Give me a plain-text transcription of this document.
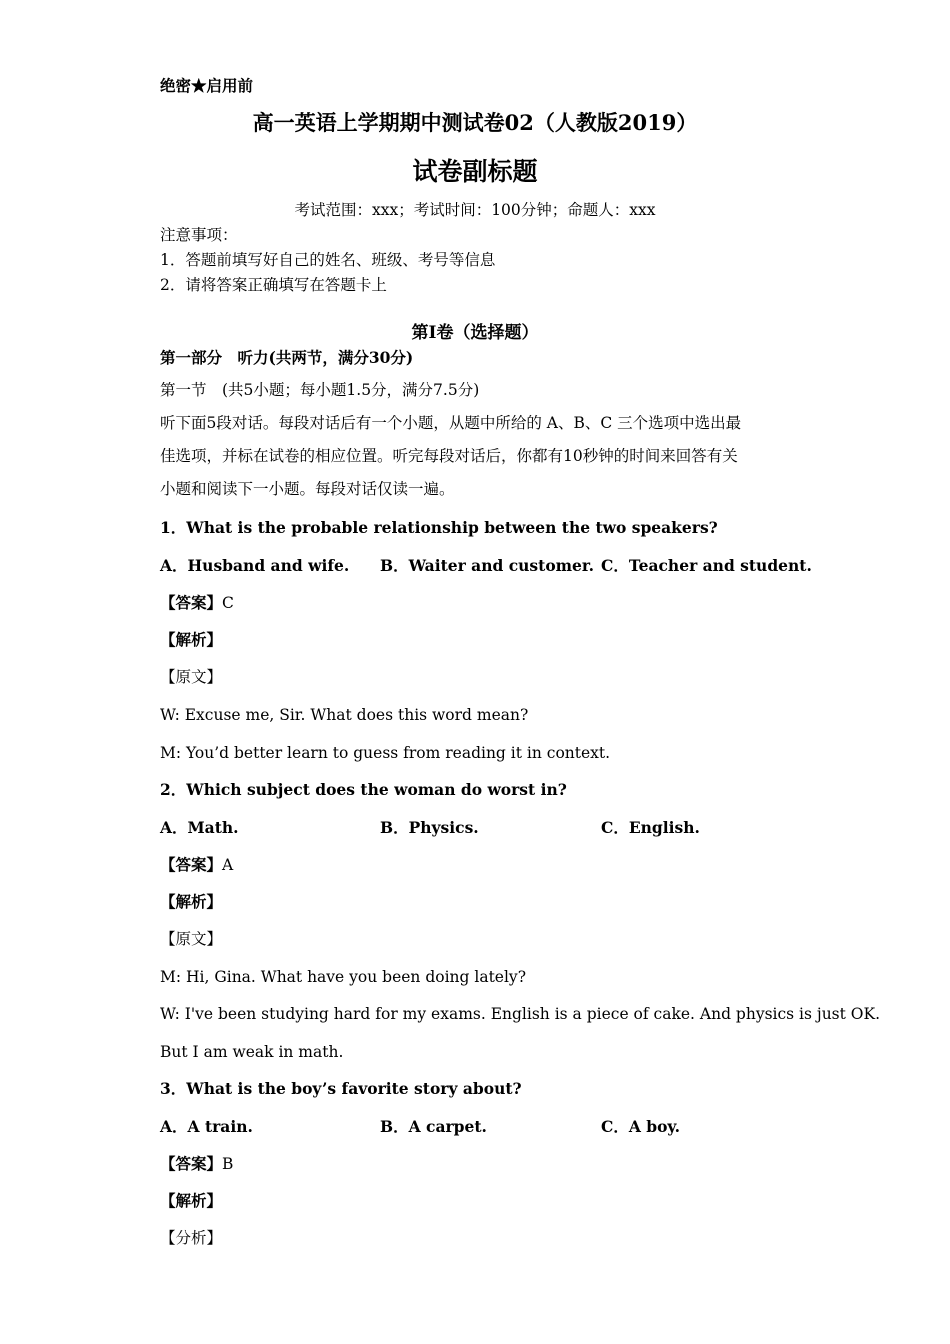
绝密★启用前
高一英语上学期期中测试卷02（人教版2019）
试卷副标题
考试范围：xxx；考试时间：100分钟；命题人：xxx
注意事项：
1．答题前填写好自己的姓名、班级、考号等信息
2．请将答案正确填写在答题卡上
第I卷（选择题）
第一部分　听力(共两节，满分30分)
第一节　(共5小题；每小题1.5分，满分7.5分)
听下面5段对话。每段对话后有一个小题，从题中所给的 A、B、C 三个选项中选出最
佳选项，并标在试卷的相应位置。听完每段对话后，你都有10秒钟的时间来回答有关
小题和阅读下一小题。每段对话仅读一遍。
1．What is the probable relationship between the two speakers?
A．Husband and wife. B．Waiter and customer. C．Teacher and student.
【答案】C
【解析】
【原文】
W: Excuse me, Sir. What does this word mean?
M: You’d better learn to guess from reading it in context.
2．Which subject does the woman do worst in?
A．Math.	B．Physics.	C．English.
【答案】A
【解析】
【原文】
M: Hi, Gina. What have you been doing lately?
W: I've been studying hard for my exams. English is a piece of cake. And physics is just OK.
But I am weak in math.
3．What is the boy’s favorite story about?
A．A train.	B．A carpet.	C．A boy.
【答案】B
【解析】
【分析】
